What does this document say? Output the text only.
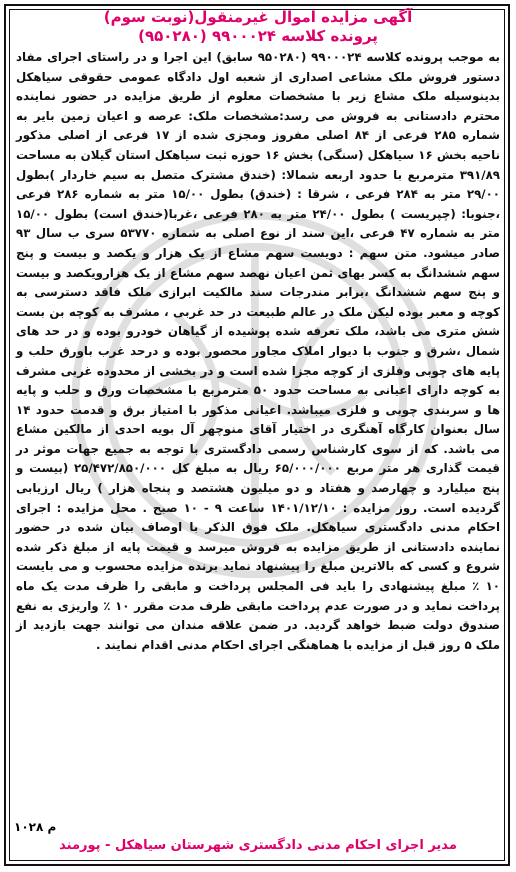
آگهی مزایده اموال غیرمنقول(نوبت سوم)
پرونده کلاسه ۹۹۰۰۰۲۴ (۹۵۰۲۸۰)
به موجب پرونده کلاسه ۹۹۰۰۰۲۴ (۹۵۰۲۸۰ سابق) این اجرا و در راستای اجرای مفاد دستور فروش ملک مشاعی اصداری از شعبه اول دادگاه عمومی حقوقی سیاهکل بدینوسیله ملک مشاع زیر با مشخصات معلوم از طریق مزایده در حضور نماینده محترم دادستانی به فروش می رسد:مشخصات ملک: عرصه و اعیان زمین بایر به شماره ۲۸۵ فرعی از ۸۴ اصلی مفروز ومجزی شده از ۱۷ فرعی از اصلی مذکور ناحیه بخش ۱۶ سیاهکل (سنگی) بخش ۱۶ حوزه ثبت سیاهکل استان گیلان به مساحت ۳۹۱/۸۹ مترمربع با حدود اربعه شمالا: (خندق مشترک متصل به سیم خاردار )بطول ۲۹/۰۰ متر به ۲۸۴ فرعی ، شرقا : (خندق) بطول ۱۵/۰۰ متر به شماره ۲۸۶ فرعی ،جنوبا: (چپریست ) بطول ۲۴/۰۰ متر به ۲۸۰ فرعی ،غربا(خندق است) بطول ۱۵/۰۰ متر به شماره ۴۷ فرعی ،این سند از نوع اصلی به شماره ۵۳۷۷۰ سری ب سال ۹۳ صادر میشود. متن سهم : دویست سهم مشاع از یک هزار و یکصد و بیست و پنج سهم ششدانگ به کسر بهای ثمن اعیان نهصد سهم مشاع از یک هزارویکصد و بیست و پنج سهم ششدانگ ،برابر مندرجات سند مالکیت ابرازی ملک فاقد دسترسی به کوچه و معبر بوده لیکن ملک در عالم طبیعت در حد غربی ، مشرف به کوچه بن بست شش متری می باشد، ملک تعرفه شده پوشیده از گیاهان خودرو بوده و در حد های شمال ،شرق و جنوب با دیوار املاک مجاور محصور بوده و درحد غرب باورق حلب و پایه های چوبی وفلزی از کوچه مجزا شده است و در بخشی از محدوده غربی مشرف به کوچه دارای اعیانی به مساحت حدود ۵۰ مترمربع با مشخصات ورق و حلب و پایه ها و سربندی چوبی و فلزی میباشد. اعیانی مذکور با امتیاز برق و قدمت حدود ۱۴ سال بعنوان کارگاه آهنگری در اختیار آقای منوچهر آل بویه احدی از مالکین مشاع می باشد. که از سوی کارشناس رسمی دادگستری با توجه به جمیع جهات موثر در قیمت گذاری هر متر مربع ۶۵/۰۰۰/۰۰۰ ریال به مبلغ کل ۲۵/۴۷۲/۸۵۰/۰۰۰ (بیست و پنج میلیارد و چهارصد و هفتاد و دو میلیون هشتصد و پنجاه هزار ) ریال ارزیابی گردیده است. روز مزایده : ۱۴۰۱/۱۲/۱۰ ساعت ۹ - ۱۰ صبح . محل مزایده : اجرای احکام مدنی دادگستری سیاهکل. ملک فوق الذکر با اوصاف بیان شده در حضور نماینده دادستانی از طریق مزایده به فروش میرسد و قیمت پایه از مبلغ ذکر شده شروع و کسی که بالاترین مبلغ را پیشنهاد نماید برنده مزایده محسوب و می بایست ۱۰ ٪ مبلغ پیشنهادی را باید فی المجلس پرداخت و مابقی را ظرف مدت یک ماه پرداخت نماید و در صورت عدم پرداخت مابقی ظرف مدت مقرر ۱۰ ٪ واریزی به نفع صندوق دولت ضبط خواهد گردید. در ضمن علاقه مندان می توانند جهت بازدید از ملک ۵ روز قبل از مزایده با هماهنگی اجرای احکام مدنی اقدام نمایند .
م ۱۰۲۸
مدیر اجرای احکام مدنی دادگستری شهرستان سیاهکل - پورمند
